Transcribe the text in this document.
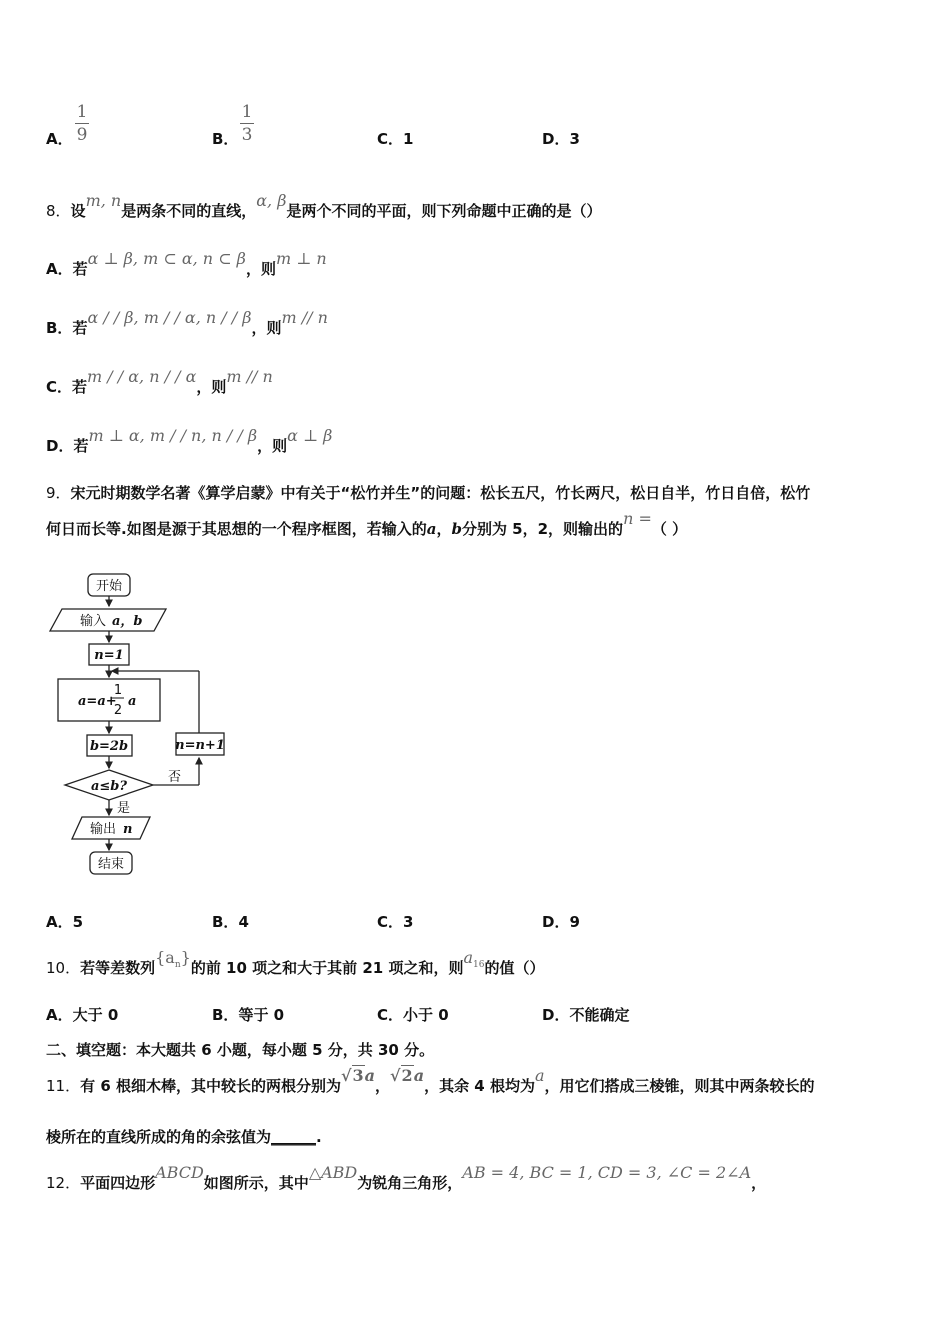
A．
1
9	B．
1
3	C．1	D．3
8．设m, n是两条不同的直线，α, β是两个不同的平面，则下列命题中正确的是（）
A．若α ⊥ β, m ⊂ α, n ⊂ β，则m ⊥ n
B．若α / / β, m / / α, n / / β，则m // n
C．若m / / α, n / / α，则m // n
D．若m ⊥ α, m / / n, n / / β，则α ⊥ β
9．宋元时期数学名著《算学启蒙》中有关于“松竹并生”的问题：松长五尺，竹长两尺，松日自半，竹日自倍，松竹
何日而长等.如图是源于其思想的一个程序框图，若输入的a，b分别为 5，2，则输出的n =（ ）
开始
输入 a，b
n=1
a=a+
1
2
a
b=2b	n=n+1
a≤b?
否
是
输出 n
结束
A．5	B．4	C．3	D．9
10．若等差数列$\{a_n\}$的前 10 项之和大于其前 21 项之和，则$a_{16}$的值（）
A．大于 0	B．等于 0	C．小于 0	D．不能确定
二、填空题：本大题共 6 小题，每小题 5 分，共 30 分。
11．有 6 根细木棒，其中较长的两根分别为√3a，√2a，其余 4 根均为a，用它们搭成三棱锥，则其中两条较长的
棱所在的直线所成的角的余弦值为______.
12．平面四边形ABCD如图所示，其中△ABD为锐角三角形，AB = 4, BC = 1, CD = 3, ∠C = 2∠A，
